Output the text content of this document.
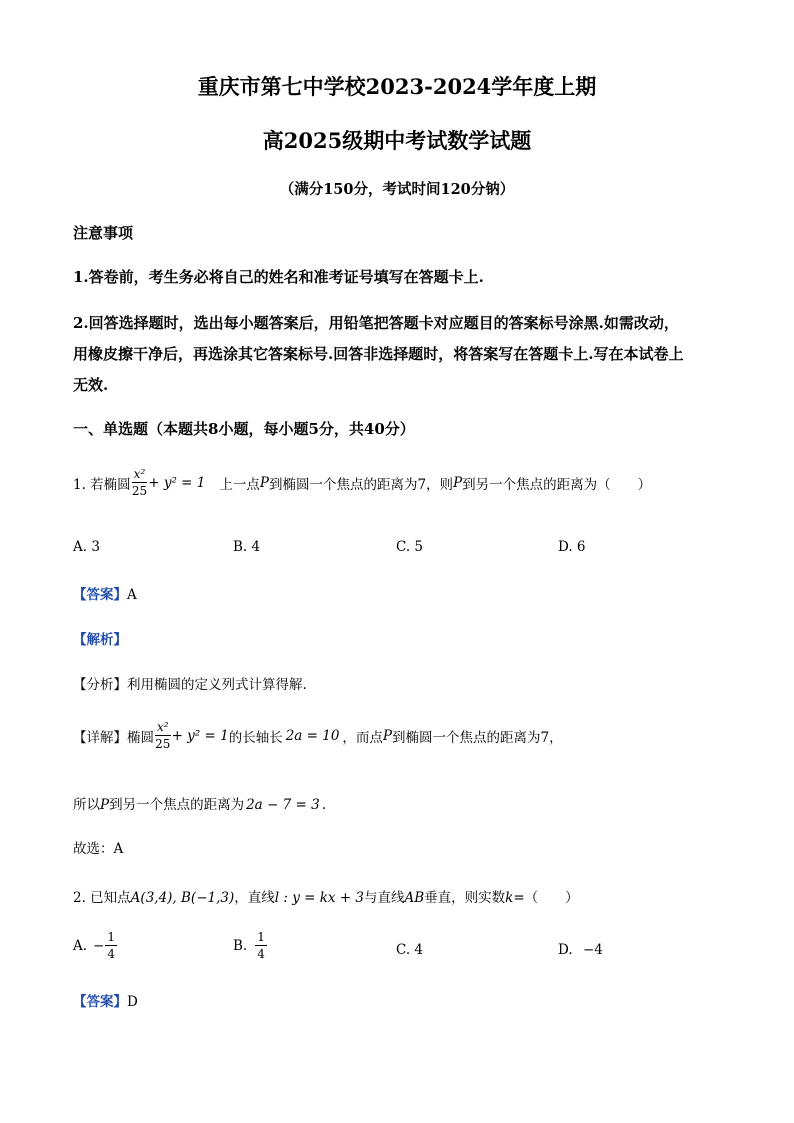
重庆市第七中学校2023-2024学年度上期
高2025级期中考试数学试题
（满分150分，考试时间120分钠）
注意事项
1.答卷前，考生务必将自己的姓名和准考证号填写在答题卡上.
2.回答选择题时，选出每小题答案后，用铅笔把答题卡对应题目的答案标号涂黑.如需改动，
用橡皮擦干净后，再选涂其它答案标号.回答非选择题时，将答案写在答题卡上.写在本试卷上
无效.
一、单选题（本题共8小题，每小题5分，共40分）
1. 若椭圆 $\frac{\text{x²}}{25} + y^2 = 1$ 上一点 P 到椭圆一个焦点的距离为7，则 P 到另一个焦点的距离为（　　）
A. 3	B. 4	C. 5	D. 6
【答案】A
【解析】
【分析】利用椭圆的定义列式计算得解.
【详解】 椭圆 $\frac{\text{x²}}{25} + y^2 = 1$ 的长轴长 2a = 10 ，而点 P 到椭圆一个焦点的距离为7，
所以P到另一个焦点的距离为 2a − 7 = 3 .
故选：A
2. 已知点A(3,4), B(−1,3)，直线l : y = kx + 3与直线AB垂直，则实数k=（　　）
A. − $\frac{1}{4}$	B. $\frac{1}{4}$	C. 4	D. −4
【答案】D
